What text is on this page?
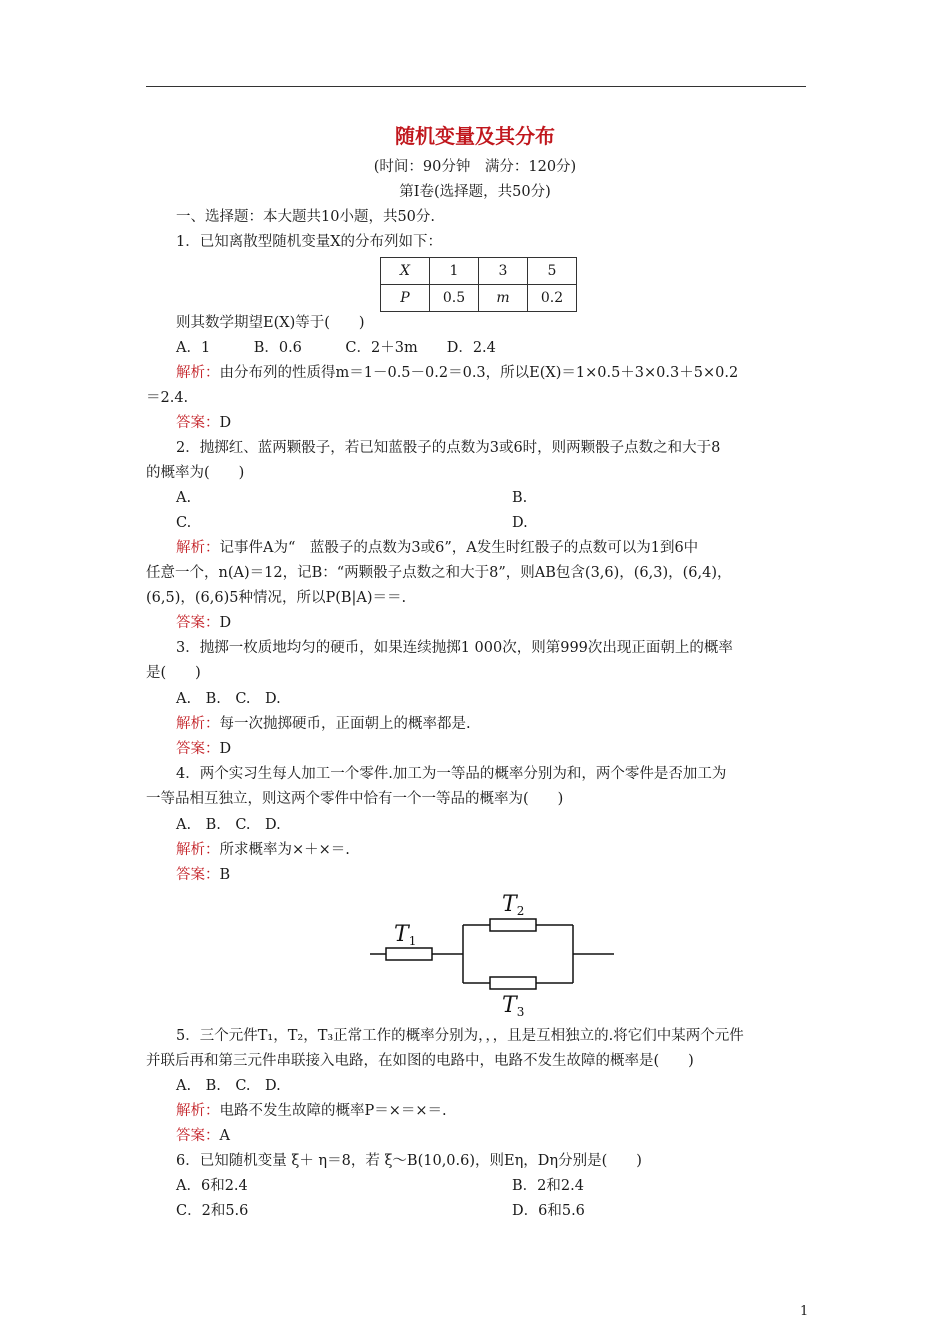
随机变量及其分布
(时间：90分钟　满分：120分)
第Ⅰ卷(选择题，共50分)
一、选择题：本大题共10小题，共50分.
1．已知离散型随机变量X的分布列如下：
X	1	3	5
P	0.5	m	0.2
则其数学期望E(X)等于(　　)
A．1　　　B．0.6　　　C．2＋3m　　D．2.4
解析：由分布列的性质得m＝1－0.5－0.2＝0.3，所以E(X)＝1×0.5＋3×0.3＋5×0.2
＝2.4.
答案：D
2．抛掷红、蓝两颗骰子，若已知蓝骰子的点数为3或6时，则两颗骰子点数之和大于8
的概率为(　　)
A.	B.
C.	D.
解析：记事件A为“　蓝骰子的点数为3或6”，A发生时红骰子的点数可以为1到6中
任意一个，n(A)＝12，记B：“两颗骰子点数之和大于8”，则AB包含(3,6)，(6,3)，(6,4)，
(6,5)，(6,6)5种情况，所以P(B|A)＝＝.
答案：D
3．抛掷一枚质地均匀的硬币，如果连续抛掷1 000次，则第999次出现正面朝上的概率
是(　　)
A.　B.　C.　D.
解析：每一次抛掷硬币，正面朝上的概率都是.
答案：D
4．两个实习生每人加工一个零件.加工为一等品的概率分别为和，两个零件是否加工为
一等品相互独立，则这两个零件中恰有一个一等品的概率为(　　)
A.　B.　C.　D.
解析：所求概率为×＋×＝.
答案：B
T1
T2
T3
5．三个元件T₁，T₂，T₃正常工作的概率分别为，，，且是互相独立的.将它们中某两个元件
并联后再和第三元件串联接入电路，在如图的电路中，电路不发生故障的概率是(　　)
A.　B.　C.　D.
解析：电路不发生故障的概率P＝×＝×＝.
答案：A
6．已知随机变量 ξ＋ η＝8，若 ξ～B(10,0.6)，则Eη，Dη分别是(　　)
A．6和2.4	B．2和2.4
C．2和5.6	D．6和5.6
1
